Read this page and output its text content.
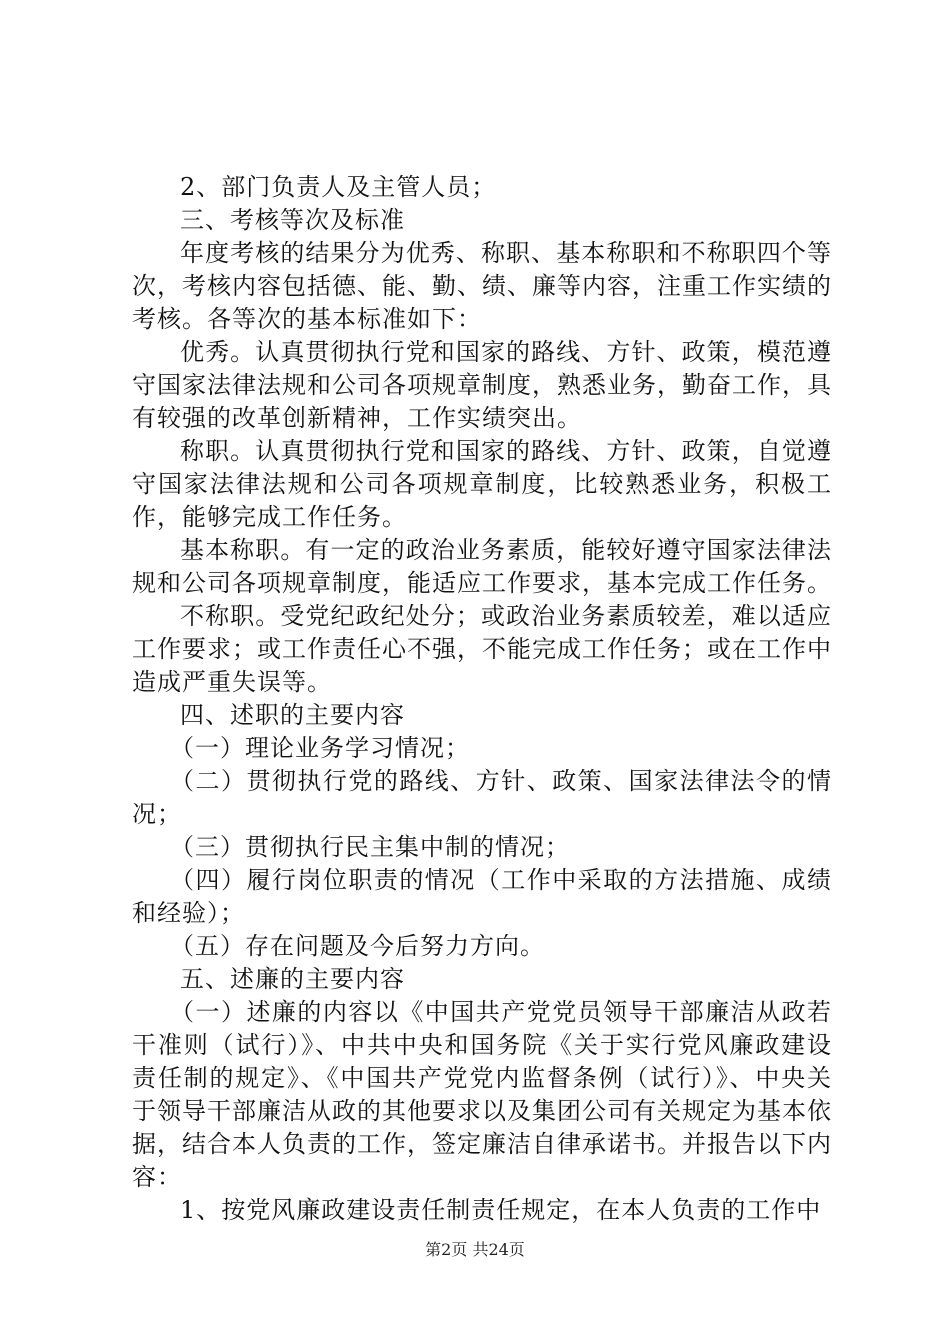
2、部门负责人及主管人员；

三、考核等次及标准

年度考核的结果分为优秀、称职、基本称职和不称职四个等次，考核内容包括德、能、勤、绩、廉等内容，注重工作实绩的考核。各等次的基本标准如下：

优秀。认真贯彻执行党和国家的路线、方针、政策，模范遵守国家法律法规和公司各项规章制度，熟悉业务，勤奋工作，具有较强的改革创新精神，工作实绩突出。

称职。认真贯彻执行党和国家的路线、方针、政策，自觉遵守国家法律法规和公司各项规章制度，比较熟悉业务，积极工作，能够完成工作任务。

基本称职。有一定的政治业务素质，能较好遵守国家法律法规和公司各项规章制度，能适应工作要求，基本完成工作任务。

不称职。受党纪政纪处分；或政治业务素质较差，难以适应工作要求；或工作责任心不强，不能完成工作任务；或在工作中造成严重失误等。

四、述职的主要内容

（一）理论业务学习情况；

（二）贯彻执行党的路线、方针、政策、国家法律法令的情况；

（三）贯彻执行民主集中制的情况；

（四）履行岗位职责的情况（工作中采取的方法措施、成绩和经验）；

（五）存在问题及今后努力方向。

五、述廉的主要内容

（一）述廉的内容以《中国共产党党员领导干部廉洁从政若干准则（试行）》、中共中央和国务院《关于实行党风廉政建设责任制的规定》、《中国共产党党内监督条例（试行）》、中央关于领导干部廉洁从政的其他要求以及集团公司有关规定为基本依据，结合本人负责的工作，签定廉洁自律承诺书。并报告以下内容：

1、按党风廉政建设责任制责任规定，在本人负责的工作中

第2页 共24页
